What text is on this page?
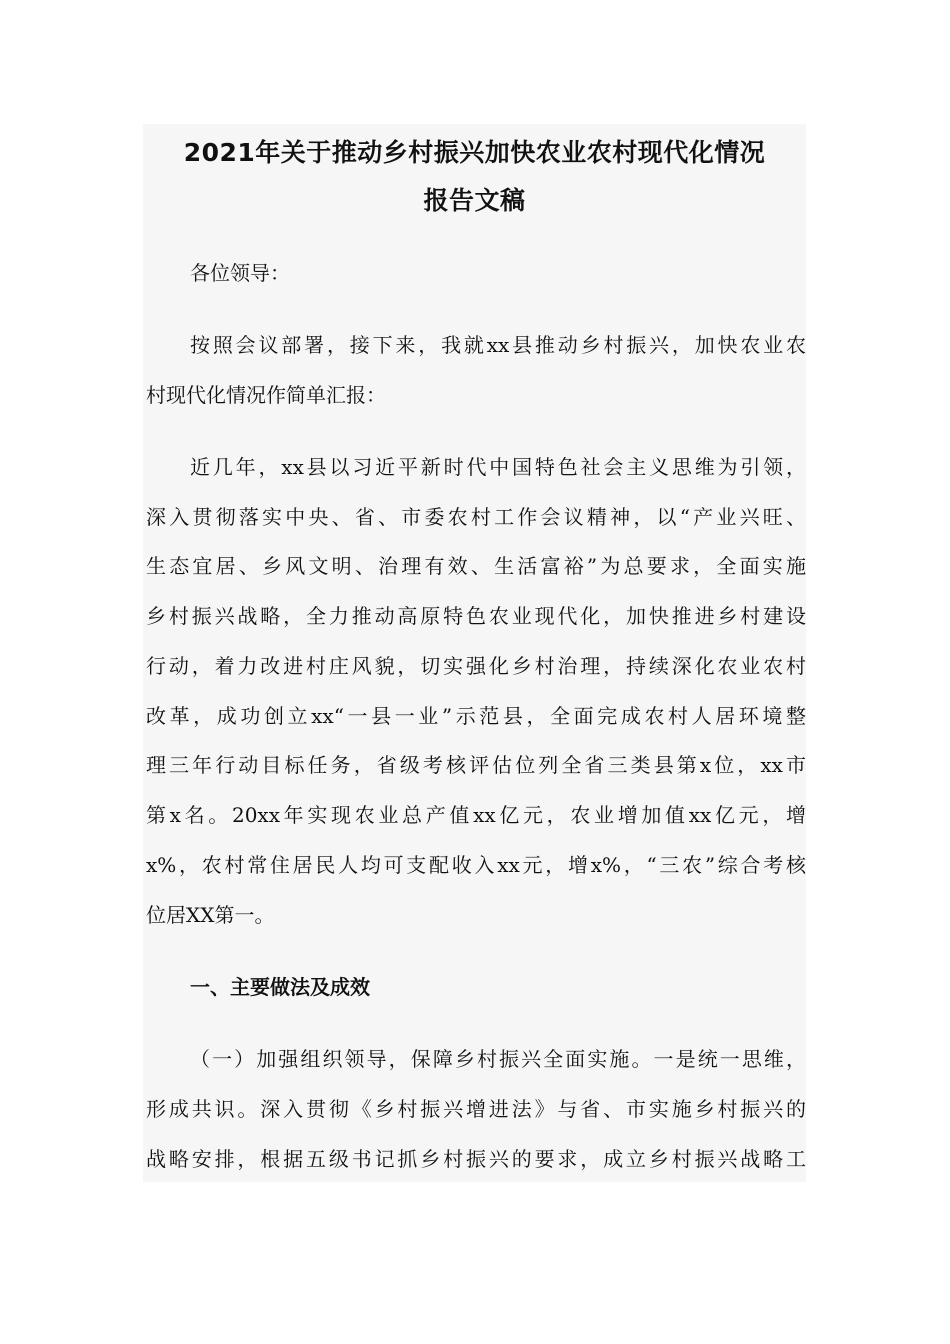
2021年关于推动乡村振兴加快农业农村现代化情况
报告文稿

各位领导：

按照会议部署，接下来，我就xx县推动乡村振兴，加快农业农

村现代化情况作简单汇报：

近几年，xx县以习近平新时代中国特色社会主义思维为引领，

深入贯彻落实中央、省、市委农村工作会议精神，以“产业兴旺、

生态宜居、乡风文明、治理有效、生活富裕”为总要求，全面实施

乡村振兴战略，全力推动高原特色农业现代化，加快推进乡村建设

行动，着力改进村庄风貌，切实强化乡村治理，持续深化农业农村

改革，成功创立xx“一县一业”示范县，全面完成农村人居环境整

理三年行动目标任务，省级考核评估位列全省三类县第x位，xx市

第x名。20xx年实现农业总产值xx亿元，农业增加值xx亿元，增

x%，农村常住居民人均可支配收入xx元，增x%，“三农”综合考核

位居XX第一。

一、主要做法及成效

（一）加强组织领导，保障乡村振兴全面实施。一是统一思维，

形成共识。深入贯彻《乡村振兴增进法》与省、市实施乡村振兴的

战略安排，根据五级书记抓乡村振兴的要求，成立乡村振兴战略工
